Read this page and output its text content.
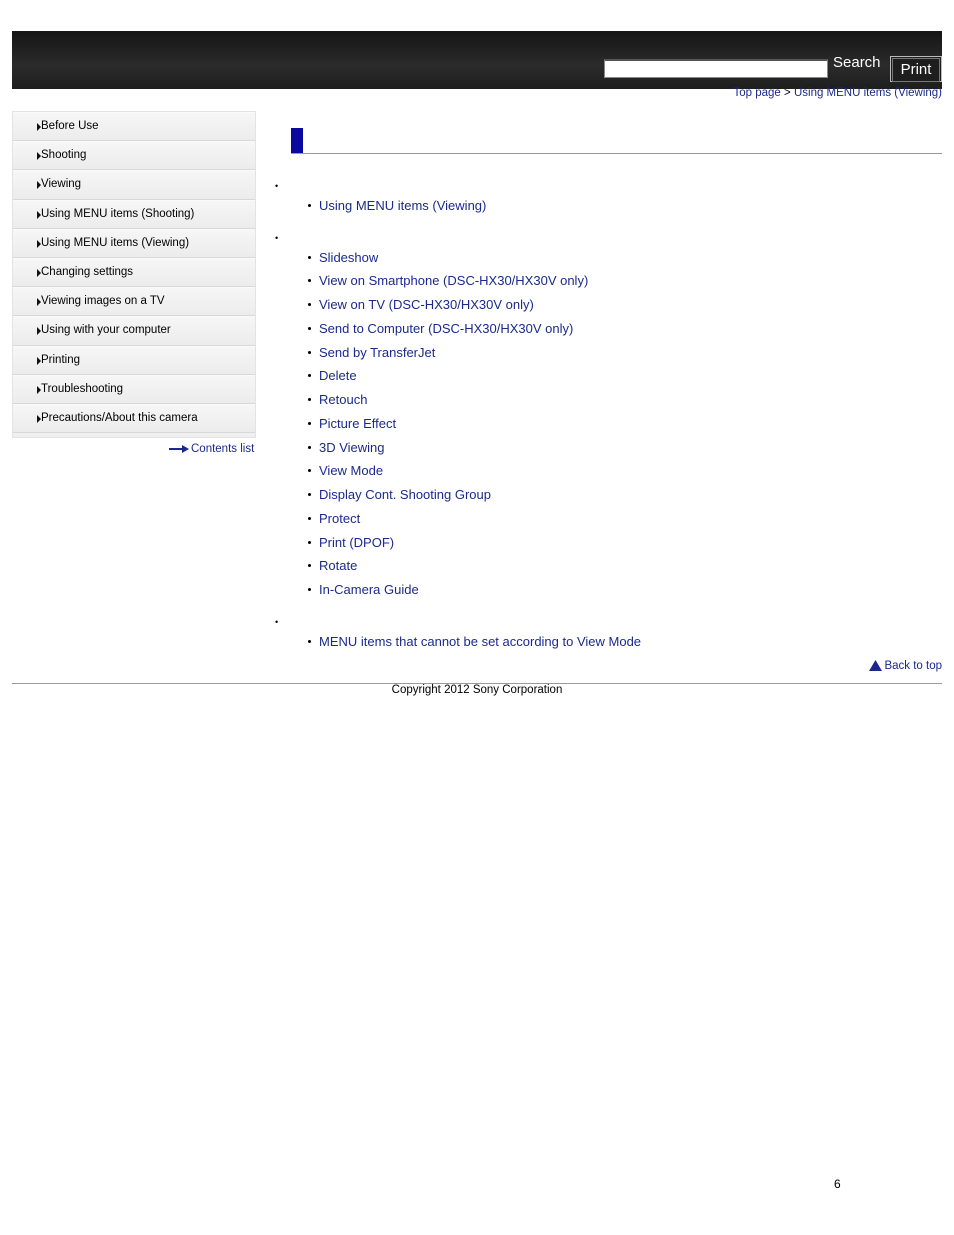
Search	Print
Top page > Using MENU items (Viewing)
Before Use
Shooting
Viewing
Using MENU items (Shooting)
Using MENU items (Viewing)
Changing settings
Viewing images on a TV
Using with your computer
Printing
Troubleshooting
Precautions/About this camera
Contents list
•
Using MENU items (Viewing)
•
Slideshow
View on Smartphone (DSC-HX30/HX30V only)
View on TV (DSC-HX30/HX30V only)
Send to Computer (DSC-HX30/HX30V only)
Send by TransferJet
Delete
Retouch
Picture Effect
3D Viewing
View Mode
Display Cont. Shooting Group
Protect
Print (DPOF)
Rotate
In-Camera Guide
•
MENU items that cannot be set according to View Mode
Back to top
Copyright 2012 Sony Corporation
6
